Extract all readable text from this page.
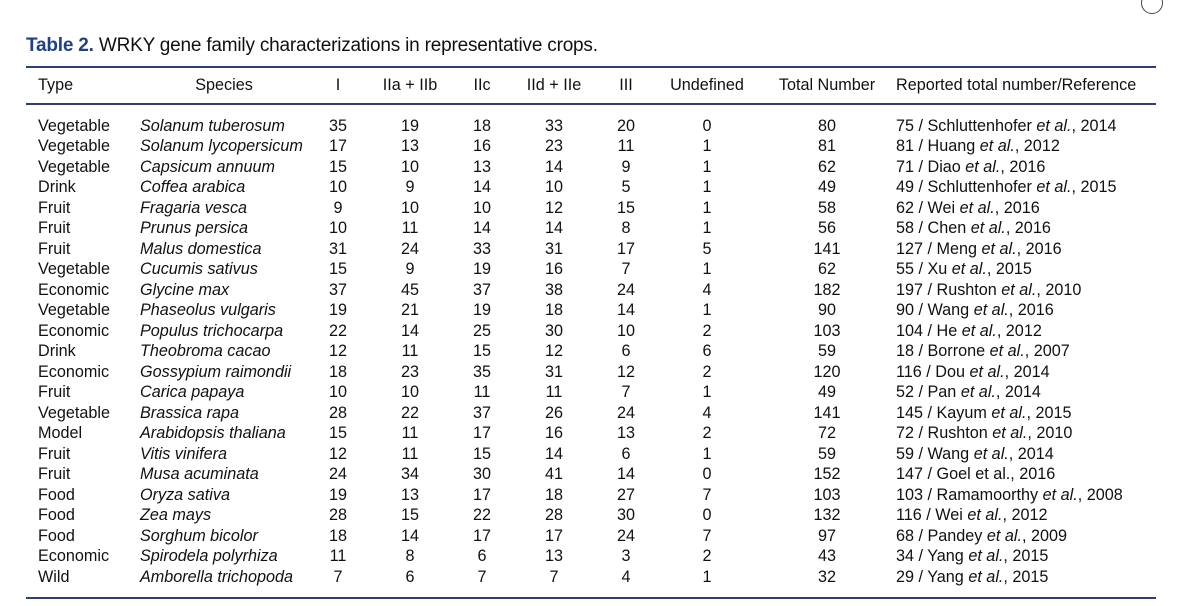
Table 2. WRKY gene family characterizations in representative crops.
Type	Species	I	IIa + IIb	IIc	IId + IIe	III	Undefined	Total Number	Reported total number/Reference

Vegetable	Solanum tuberosum	35	19	18	33	20	0	80	75 / Schluttenhofer et al., 2014
Vegetable	Solanum lycopersicum	17	13	16	23	11	1	81	81 / Huang et al., 2012
Vegetable	Capsicum annuum	15	10	13	14	9	1	62	71 / Diao et al., 2016
Drink	Coffea arabica	10	9	14	10	5	1	49	49 / Schluttenhofer et al., 2015
Fruit	Fragaria vesca	9	10	10	12	15	1	58	62 / Wei et al., 2016
Fruit	Prunus persica	10	11	14	14	8	1	56	58 / Chen et al., 2016
Fruit	Malus domestica	31	24	33	31	17	5	141	127 / Meng et al., 2016
Vegetable	Cucumis sativus	15	9	19	16	7	1	62	55 / Xu et al., 2015
Economic	Glycine max	37	45	37	38	24	4	182	197 / Rushton et al., 2010
Vegetable	Phaseolus vulgaris	19	21	19	18	14	1	90	90 / Wang et al., 2016
Economic	Populus trichocarpa	22	14	25	30	10	2	103	104 / He et al., 2012
Drink	Theobroma cacao	12	11	15	12	6	6	59	18 / Borrone et al., 2007
Economic	Gossypium raimondii	18	23	35	31	12	2	120	116 / Dou et al., 2014
Fruit	Carica papaya	10	10	11	11	7	1	49	52 / Pan et al., 2014
Vegetable	Brassica rapa	28	22	37	26	24	4	141	145 / Kayum et al., 2015
Model	Arabidopsis thaliana	15	11	17	16	13	2	72	72 / Rushton et al., 2010
Fruit	Vitis vinifera	12	11	15	14	6	1	59	59 / Wang et al., 2014
Fruit	Musa acuminata	24	34	30	41	14	0	152	147 / Goel et al., 2016
Food	Oryza sativa	19	13	17	18	27	7	103	103 / Ramamoorthy et al., 2008
Food	Zea mays	28	15	22	28	30	0	132	116 / Wei et al., 2012
Food	Sorghum bicolor	18	14	17	17	24	7	97	68 / Pandey et al., 2009
Economic	Spirodela polyrhiza	11	8	6	13	3	2	43	34 / Yang et al., 2015
Wild	Amborella trichopoda	7	6	7	7	4	1	32	29 / Yang et al., 2015
